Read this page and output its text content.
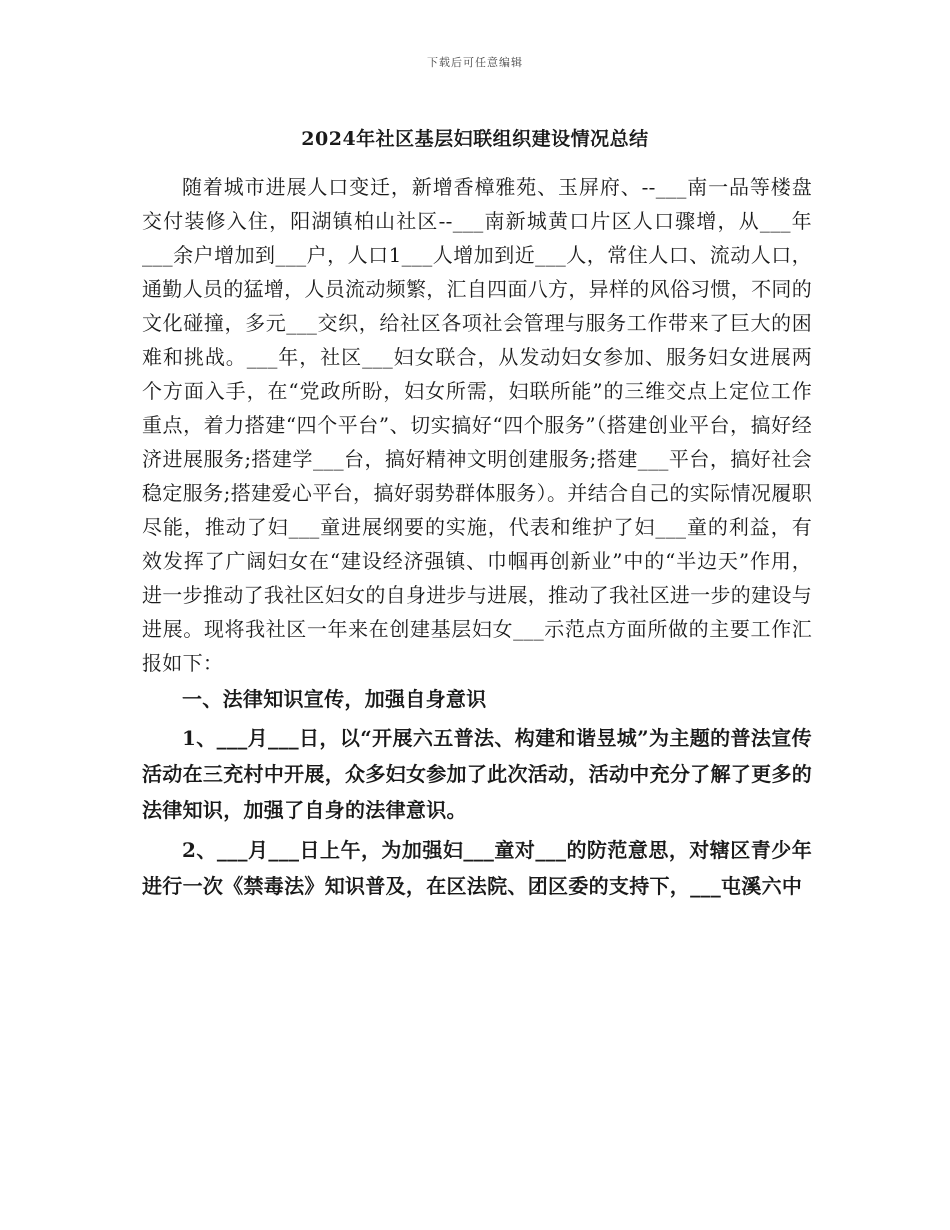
下载后可任意编辑
2024年社区基层妇联组织建设情况总结

随着城市进展人口变迁，新增香樟雅苑、玉屏府、--___南一品等楼盘交付装修入住，阳湖镇柏山社区--___南新城黄口片区人口骤增，从___年___余户增加到___户，人口1___人增加到近___人，常住人口、流动人口，通勤人员的猛增，人员流动频繁，汇自四面八方，异样的风俗习惯，不同的文化碰撞，多元___交织，给社区各项社会管理与服务工作带来了巨大的困难和挑战。___年，社区___妇女联合，从发动妇女参加、服务妇女进展两个方面入手，在“党政所盼，妇女所需，妇联所能”的三维交点上定位工作重点，着力搭建“四个平台”、切实搞好“四个服务”（搭建创业平台，搞好经济进展服务;搭建学___台，搞好精神文明创建服务;搭建___平台，搞好社会稳定服务;搭建爱心平台，搞好弱势群体服务）。并结合自己的实际情况履职尽能，推动了妇___童进展纲要的实施，代表和维护了妇___童的利益，有效发挥了广阔妇女在“建设经济强镇、巾帼再创新业”中的“半边天”作用，进一步推动了我社区妇女的自身进步与进展，推动了我社区进一步的建设与进展。现将我社区一年来在创建基层妇女___示范点方面所做的主要工作汇报如下：

一、法律知识宣传，加强自身意识

1、___月___日，以“开展六五普法、构建和谐昱城”为主题的普法宣传活动在三充村中开展，众多妇女参加了此次活动，活动中充分了解了更多的法律知识，加强了自身的法律意识。

2、___月___日上午，为加强妇___童对___的防范意思，对辖区青少年进行一次《禁毒法》知识普及，在区法院、团区委的支持下，___屯溪六中
